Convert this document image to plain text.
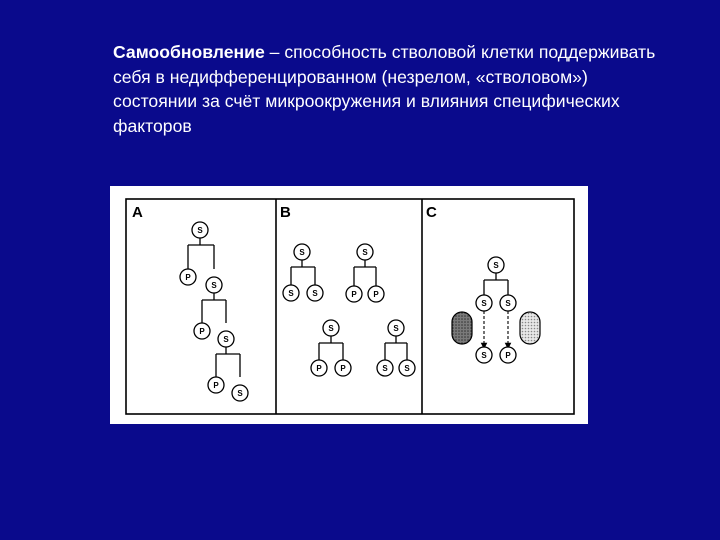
Самообновление – способность стволовой клетки поддерживать себя в недифференцированном (незрелом, «стволовом») состоянии за счёт микроокружения и влияния специфических факторов
A	B	C
S
P
S
P
S
P
S
S
S S
S
P P
S
P P
S
S S
S
S S
S P
